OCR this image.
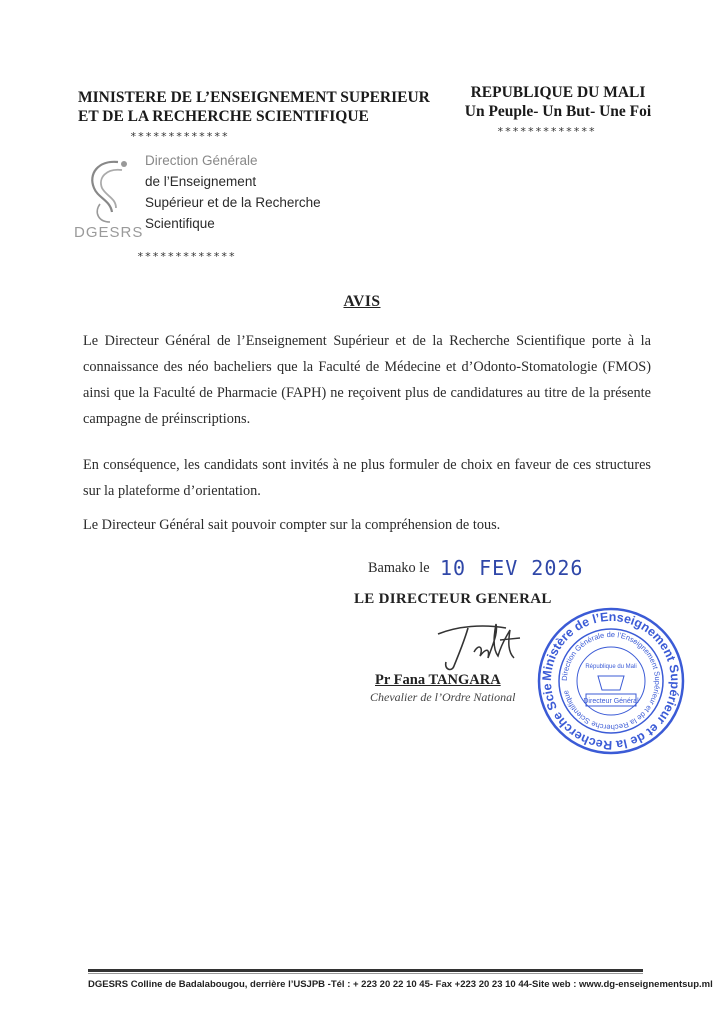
MINISTERE DE L’ENSEIGNEMENT SUPERIEUR
ET DE LA RECHERCHE SCIENTIFIQUE
*************
REPUBLIQUE DU MALI
Un Peuple- Un But- Une Foi
*************
DGESRS
Direction Générale
de l’Enseignement
Supérieur et de la Recherche
Scientifique
*************
AVIS
Le Directeur Général de l’Enseignement Supérieur et de la Recherche Scientifique porte à la connaissance des néo bacheliers que la Faculté de Médecine et d’Odonto-Stomatologie (FMOS) ainsi que la Faculté de Pharmacie (FAPH) ne reçoivent plus de candidatures au titre de la présente campagne de préinscriptions.
En conséquence, les candidats sont invités à ne plus formuler de choix en faveur de ces structures sur la plateforme d’orientation.
Le Directeur Général sait pouvoir compter sur la compréhension de tous.
Bamako le 10 FEV 2026
LE DIRECTEUR GENERAL
Pr Fana TANGARA
Chevalier de l’Ordre National
Ministère de l’Enseignement Supérieur et de la Recherche Scie
Direction Générale de l’Enseignement Supérieur et de la Recherche Scientifique
République du Mali
Directeur Général
DGESRS Colline de Badalabougou, derrière l’USJPB -Tél : + 223 20 22 10 45- Fax +223 20 23 10 44-Site web : www.dg-enseignementsup.ml
